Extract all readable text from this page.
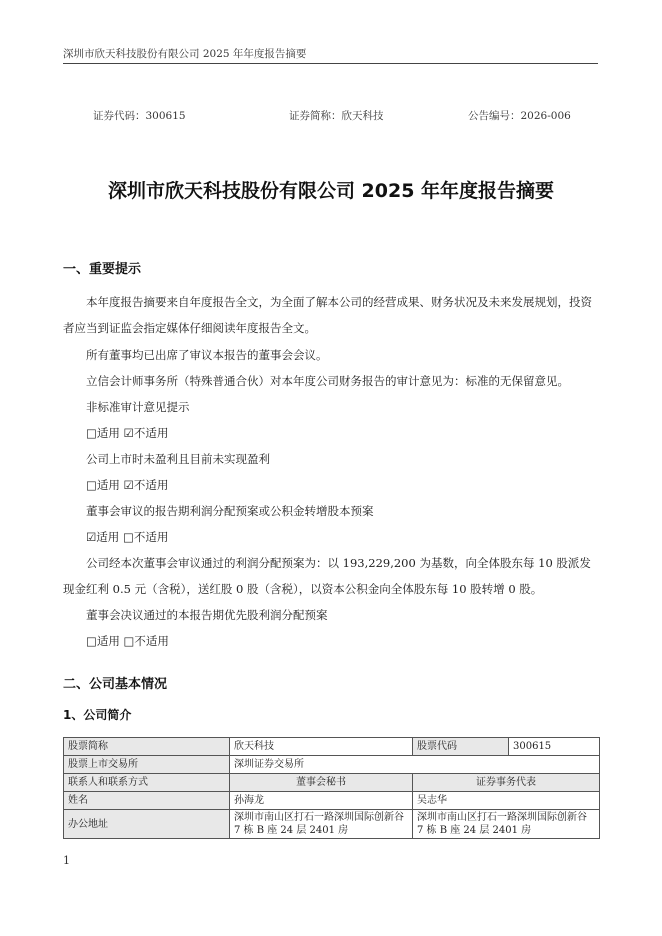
深圳市欣天科技股份有限公司 2025 年年度报告摘要
证券代码：300615	证券简称：欣天科技	公告编号：2026-006
深圳市欣天科技股份有限公司 2025 年年度报告摘要
一、重要提示
本年度报告摘要来自年度报告全文，为全面了解本公司的经营成果、财务状况及未来发展规划，投资者应当到证监会指定媒体仔细阅读年度报告全文。
所有董事均已出席了审议本报告的董事会会议。
立信会计师事务所（特殊普通合伙）对本年度公司财务报告的审计意见为：标准的无保留意见。
非标准审计意见提示
□适用 ☑不适用
公司上市时未盈利且目前未实现盈利
□适用 ☑不适用
董事会审议的报告期利润分配预案或公积金转增股本预案
☑适用 □不适用
公司经本次董事会审议通过的利润分配预案为：以 193,229,200 为基数，向全体股东每 10 股派发现金红利 0.5 元（含税），送红股 0 股（含税），以资本公积金向全体股东每 10 股转增 0 股。
董事会决议通过的本报告期优先股利润分配预案
□适用 □不适用
二、公司基本情况
1、公司简介
股票简称	欣天科技	股票代码	300615
股票上市交易所	深圳证券交易所		
联系人和联系方式	董事会秘书	证券事务代表	
姓名	孙海龙	吴志华	
办公地址	深圳市南山区打石一路深圳国际创新谷 7 栋 B 座 24 层 2401 房	深圳市南山区打石一路深圳国际创新谷 7 栋 B 座 24 层 2401 房	
1
